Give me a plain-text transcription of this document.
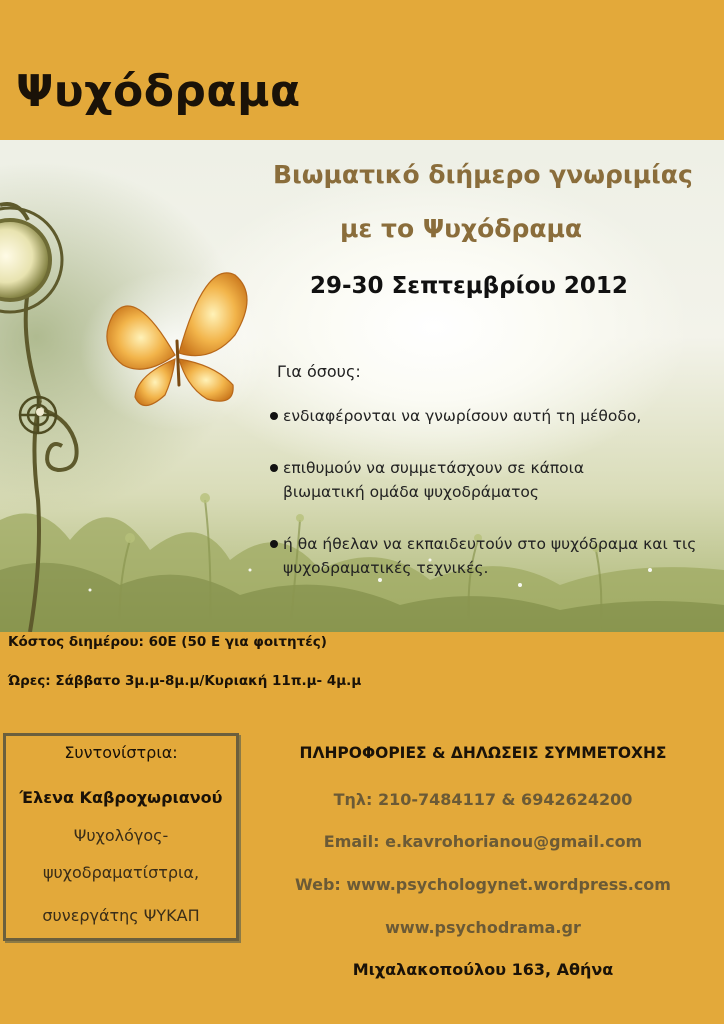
Ψυχόδραμα

Βιωματικό διήμερο γνωριμίας

με το Ψυχόδραμα

29-30 Σεπτεμβρίου 2012

Για όσους:

ενδιαφέρονται να γνωρίσουν αυτή τη μέθοδο,
επιθυμούν να συμμετάσχουν σε κάποια βιωματική ομάδα ψυχοδράματος
ή θα ήθελαν να εκπαιδευτούν στο ψυχόδραμα και τις ψυχοδραματικές τεχνικές.

Κόστος διημέρου: 60Ε (50 Ε για φοιτητές)

Ώρες: Σάββατο 3μ.μ-8μ.μ/Κυριακή 11π.μ- 4μ.μ

Συντονίστρια:

Έλενα Καβροχωριανού

Ψυχολόγος-

ψυχοδραματίστρια,

συνεργάτης ΨΥΚΑΠ

ΠΛΗΡΟΦΟΡΙΕΣ & ΔΗΛΩΣΕΙΣ ΣΥΜΜΕΤΟΧΗΣ

Τηλ: 210-7484117 & 6942624200

Email: e.kavrohorianou@gmail.com

Web: www.psychologynet.wordpress.com

www.psychodrama.gr

Μιχαλακοπούλου 163, Αθήνα
